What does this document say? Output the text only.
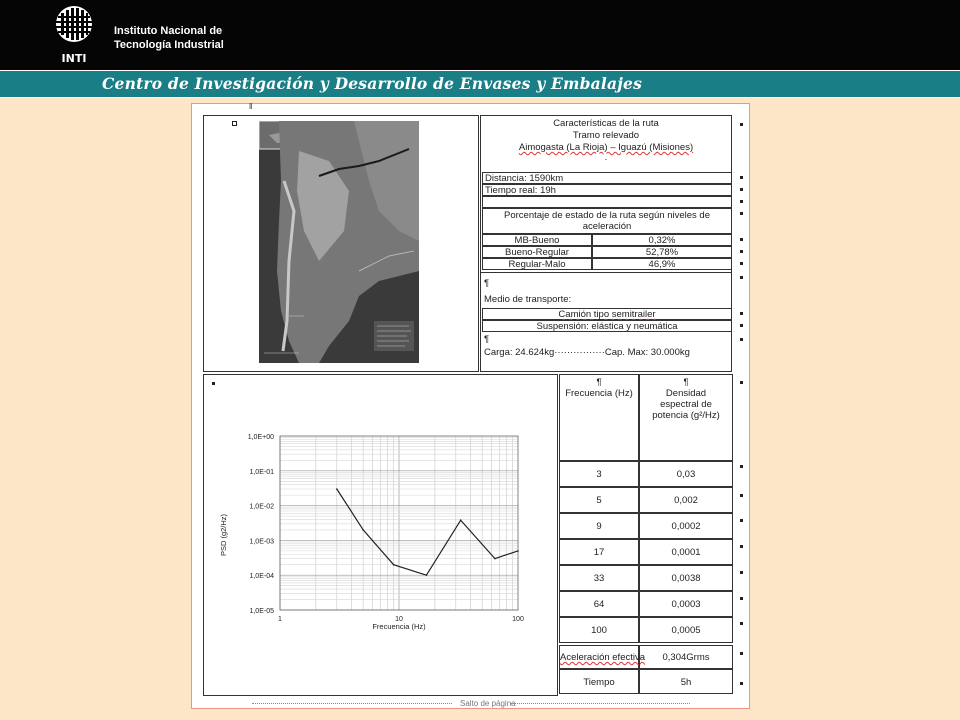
INTI
Instituto Nacional de
Tecnología Industrial
Centro de Investigación y Desarrollo de Envases y Embalajes
ǁ
Características de la ruta
Tramo relevado
Aimogasta (La Rioja) – Iguazú (Misiones)
·
Distancia: 1590km
Tiempo real: 19h
Porcentaje de estado de la ruta según niveles de aceleración
MB-Bueno	0,32%
Bueno-Regular	52,78%
Regular-Malo	46,9%
¶
Medio de transporte:
Camión tipo semitrailer
Suspensión: elástica y neumática
¶
Carga: 24.624kg················Cap. Max: 30.000kg
1,0E+00
1,0E-01
1,0E-02
1,0E-03
1,0E-04
1,0E-05
1	10	100
Frecuencia (Hz)
PSD (g2/Hz)
¶
Frecuencia (Hz)
¶
Densidad espectral de potencia (g²/Hz)
3	0,03
5	0,002
9	0,0002
17	0,0001
33	0,0038
64	0,0003
100	0,0005
Aceleración efectiva	0,304Grms
Tiempo	5h
Salto de página
